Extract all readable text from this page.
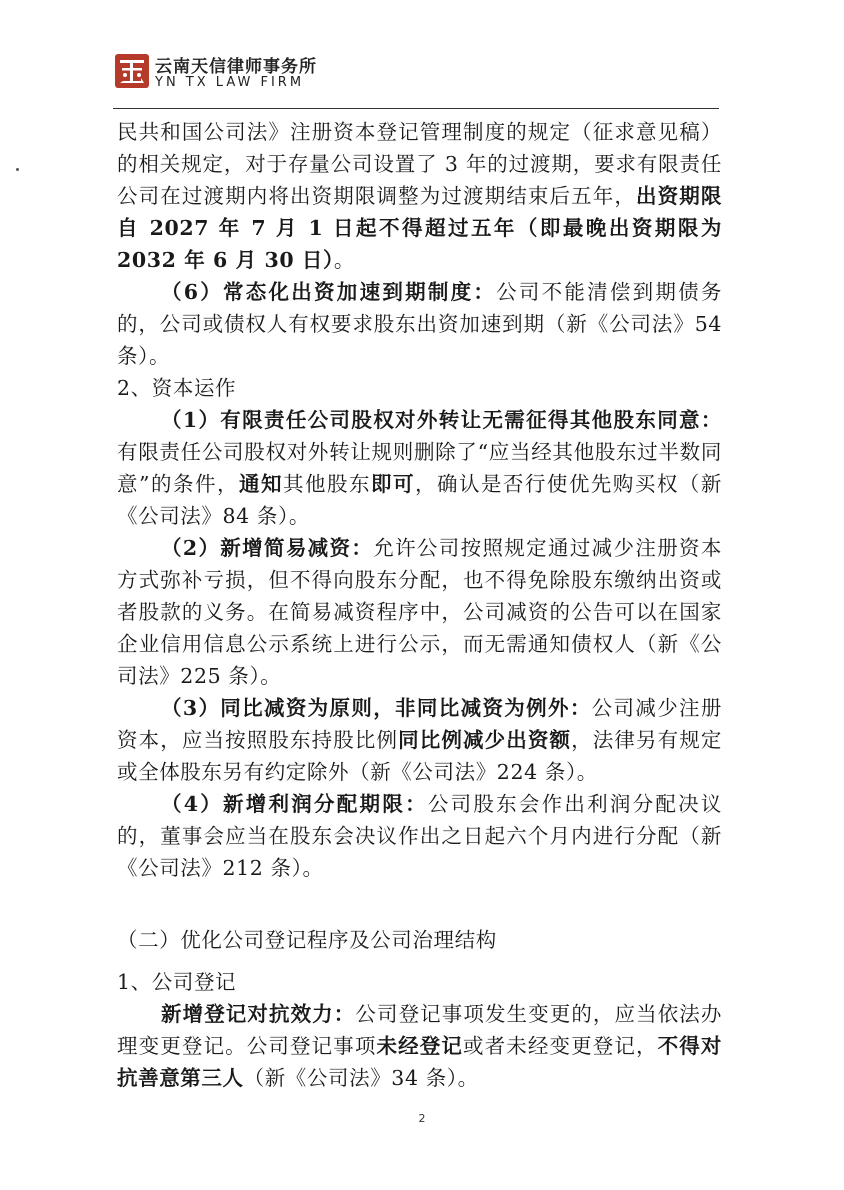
云南天信律师事务所
YN TX LAW FIRM

民共和国公司法》注册资本登记管理制度的规定（征求意见稿）的相关规定，对于存量公司设置了 3 年的过渡期，要求有限责任公司在过渡期内将出资期限调整为过渡期结束后五年，出资期限自 2027 年 7 月 1 日起不得超过五年（即最晚出资期限为 2032 年 6 月 30 日）。

（6）常态化出资加速到期制度：公司不能清偿到期债务的，公司或债权人有权要求股东出资加速到期（新《公司法》54 条）。

2、资本运作

（1）有限责任公司股权对外转让无需征得其他股东同意：有限责任公司股权对外转让规则删除了“应当经其他股东过半数同意”的条件，通知其他股东即可，确认是否行使优先购买权（新《公司法》84 条）。

（2）新增简易减资：允许公司按照规定通过减少注册资本方式弥补亏损，但不得向股东分配，也不得免除股东缴纳出资或者股款的义务。在简易减资程序中，公司减资的公告可以在国家企业信用信息公示系统上进行公示，而无需通知债权人（新《公司法》225 条）。

（3）同比减资为原则，非同比减资为例外：公司减少注册资本，应当按照股东持股比例同比例减少出资额，法律另有规定或全体股东另有约定除外（新《公司法》224 条）。

（4）新增利润分配期限：公司股东会作出利润分配决议的，董事会应当在股东会决议作出之日起六个月内进行分配（新《公司法》212 条）。

（二）优化公司登记程序及公司治理结构

1、公司登记

新增登记对抗效力：公司登记事项发生变更的，应当依法办理变更登记。公司登记事项未经登记或者未经变更登记，不得对抗善意第三人（新《公司法》34 条）。

2
